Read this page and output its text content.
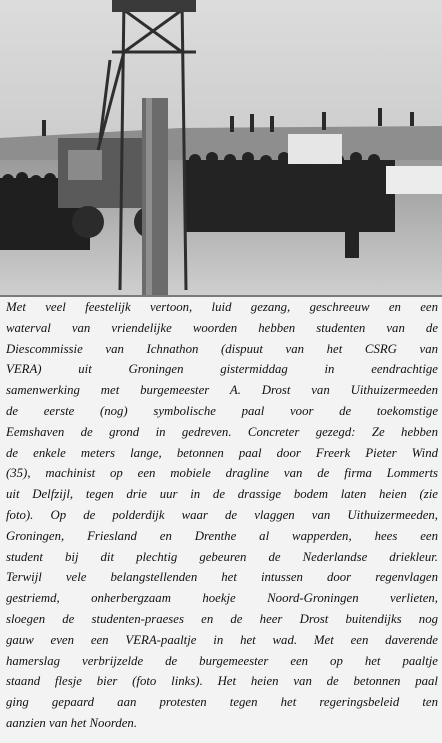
Met veel feestelijk vertoon, luid gezang, geschreeuw en een
waterval van vriendelijke woorden hebben studenten van de
Diescommissie van Ichnathon (dispuut van het CSRG van
VERA) uit Groningen gistermiddag in eendrachtige
samenwerking met burgemeester A. Drost van Uithuizermeeden
de eerste (nog) symbolische paal voor de toekomstige
Eemshaven de grond in gedreven. Concreter gezegd: Ze hebben
de enkele meters lange, betonnen paal door Freerk Pieter Wind
(35), machinist op een mobiele dragline van de firma Lommerts
uit Delfzijl, tegen drie uur in de drassige bodem laten heien (zie
foto). Op de polderdijk waar de vlaggen van Uithuizermeeden,
Groningen, Friesland en Drenthe al wapperden, hees een
student bij dit plechtig gebeuren de Nederlandse driekleur.
Terwijl vele belangstellenden het intussen door regenvlagen
gestriemd, onherbergzaam hoekje Noord-Groningen verlieten,
sloegen de studenten-praeses en de heer Drost buitendijks nog
gauw even een VERA-paaltje in het wad. Met een daverende
hamerslag verbrijzelde de burgemeester een op het paaltje
staand flesje bier (foto links). Het heien van de betonnen paal
ging gepaard aan protesten tegen het regeringsbeleid ten
aanzien van het Noorden.
